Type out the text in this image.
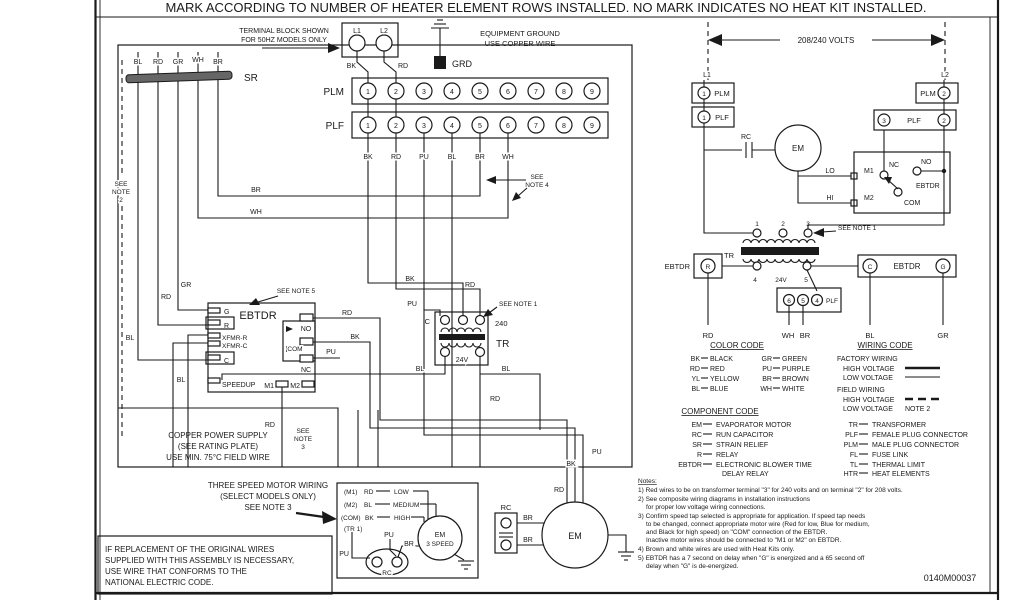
MARK ACCORDING TO NUMBER OF HEATER ELEMENT ROWS INSTALLED. NO MARK INDICATES NO HEAT KIT INSTALLED.
SEE
NOTE
2
SR
BL RD GR WH BR
L1	L2
BK	RD
TERMINAL BLOCK SHOWN
FOR 50HZ MODELS ONLY
GRD
EQUIPMENT GROUND
USE COPPER WIRE
PLM	1	2	3	4	5	6	7	8	9
PLF	1	2	3	4	5	6	7	8	9
BK	RD	PU	BL	BR WH
SEE
NOTE 4
BR
WH
GR
RD
BL
EBTDR
SEE NOTE 5
G
R
XFMR-R
XFMR-C
C
SPEEDUP M1 M2
NO
COM
NC
RD
BK
PU
RD
SEE
NOTE
3
BL
C	240
TR
24V
BK
RD
PU
BL	BL
RD
SEE NOTE 1
COPPER POWER SUPPLY
(SEE RATING PLATE)
USE MIN. 75°C FIELD WIRE
THREE SPEED MOTOR WIRING
(SELECT MODELS ONLY)
SEE NOTE 3
(M1) RD	LOW
(M2) BL	MEDIUM
(COM) BK	HIGH
(TR 1)
PU
PU
BR
RC
EM
3 SPEED
IF REPLACEMENT OF THE ORIGINAL WIRES
SUPPLIED WITH THIS ASSEMBLY IS NECESSARY,
USE WIRE THAT CONFORMS TO THE
NATIONAL ELECTRIC CODE.
EM
PU
BK
RD
RC
BR
BR
208/240 VOLTS
L1	L2
1 PLM
1 PLF
PLM 2
3	PLF	2
RC
EM
LO
HI
M1
M2
NC	NO
COM
EBTDR
1	2	3
SEE NOTE 1
TR
4	24V	5
EBTDR R
RD
C	EBTDR	G
BL	GR
6 5 4 PLF
WH BR
COLOR CODE
BK BLACK
RD RED
YL YELLOW
BL BLUE
GR GREEN
PU PURPLE
BR BROWN
WH WHITE
WIRING CODE
FACTORY WIRING
HIGH VOLTAGE
LOW VOLTAGE
FIELD WIRING
HIGH VOLTAGE
LOW VOLTAGE NOTE 2
COMPONENT CODE
EM EVAPORATOR MOTOR
RC RUN CAPACITOR
SR STRAIN RELIEF
R RELAY
EBTDR ELECTRONIC BLOWER TIME
DELAY RELAY
TR TRANSFORMER
PLF FEMALE PLUG CONNECTOR
PLM MALE PLUG CONNECTOR
FL FUSE LINK
TL THERMAL LIMIT
HTR HEAT ELEMENTS
Notes:
1) Red wires to be on transformer terminal "3" for 240 volts and on terminal "2" for 208 volts.
2) See composite wiring diagrams in installation instructions
for proper low voltage wiring connections.
3) Confirm speed tap selected is appropriate for application. If speed tap needs
to be changed, connect appropriate motor wire (Red for low, Blue for medium,
and Black for high speed) on "COM" connection of the EBTDR.
Inactive motor wires should be connected to "M1 or M2" on EBTDR.
4) Brown and white wires are used with Heat Kits only.
5) EBTDR has a 7 second on delay when "G" is energized and a 65 second off
delay when "G" is de-energized.
0140M00037
